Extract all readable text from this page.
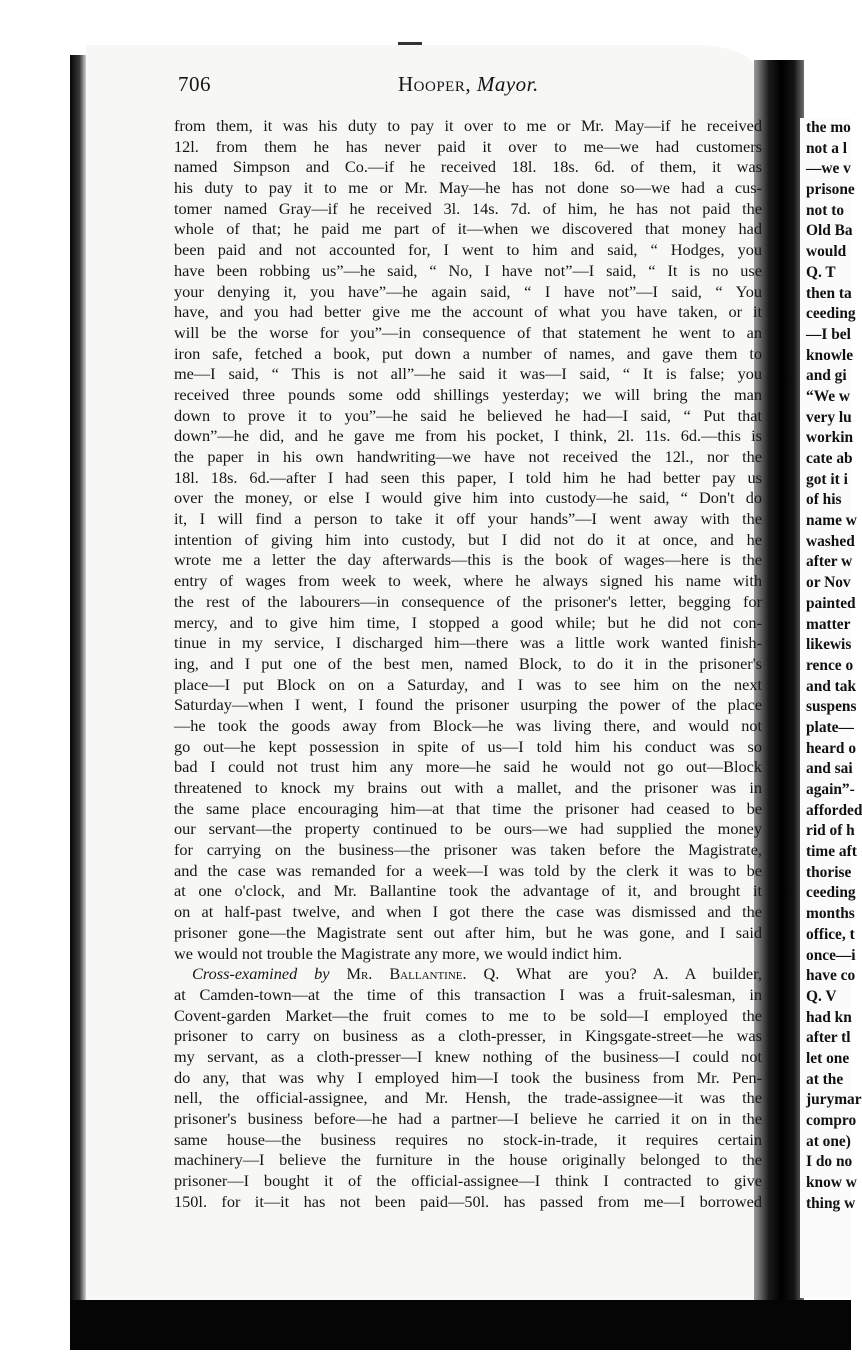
706	Hooper, Mayor.
from them, it was his duty to pay it over to me or Mr. May—if he received
12l. from them he has never paid it over to me—we had customers
named Simpson and Co.—if he received 18l. 18s. 6d. of them, it was
his duty to pay it to me or Mr. May—he has not done so—we had a cus-
tomer named Gray—if he received 3l. 14s. 7d. of him, he has not paid the
whole of that; he paid me part of it—when we discovered that money had
been paid and not accounted for, I went to him and said, “ Hodges, you
have been robbing us”—he said, “ No, I have not”—I said, “ It is no use
your denying it, you have”—he again said, “ I have not”—I said, “ You
have, and you had better give me the account of what you have taken, or it
will be the worse for you”—in consequence of that statement he went to an
iron safe, fetched a book, put down a number of names, and gave them to
me—I said, “ This is not all”—he said it was—I said, “ It is false; you
received three pounds some odd shillings yesterday; we will bring the man
down to prove it to you”—he said he believed he had—I said, “ Put that
down”—he did, and he gave me from his pocket, I think, 2l. 11s. 6d.—this is
the paper in his own handwriting—we have not received the 12l., nor the
18l. 18s. 6d.—after I had seen this paper, I told him he had better pay us
over the money, or else I would give him into custody—he said, “ Don't do
it, I will find a person to take it off your hands”—I went away with the
intention of giving him into custody, but I did not do it at once, and he
wrote me a letter the day afterwards—this is the book of wages—here is the
entry of wages from week to week, where he always signed his name with
the rest of the labourers—in consequence of the prisoner's letter, begging for
mercy, and to give him time, I stopped a good while; but he did not con-
tinue in my service, I discharged him—there was a little work wanted finish-
ing, and I put one of the best men, named Block, to do it in the prisoner's
place—I put Block on on a Saturday, and I was to see him on the next
Saturday—when I went, I found the prisoner usurping the power of the place
—he took the goods away from Block—he was living there, and would not
go out—he kept possession in spite of us—I told him his conduct was so
bad I could not trust him any more—he said he would not go out—Block
threatened to knock my brains out with a mallet, and the prisoner was in
the same place encouraging him—at that time the prisoner had ceased to be
our servant—the property continued to be ours—we had supplied the money
for carrying on the business—the prisoner was taken before the Magistrate,
and the case was remanded for a week—I was told by the clerk it was to be
at one o'clock, and Mr. Ballantine took the advantage of it, and brought it
on at half-past twelve, and when I got there the case was dismissed and the
prisoner gone—the Magistrate sent out after him, but he was gone, and I said
we would not trouble the Magistrate any more, we would indict him.
Cross-examined by Mr. Ballantine. Q. What are you? A. A builder,
at Camden-town—at the time of this transaction I was a fruit-salesman, in
Covent-garden Market—the fruit comes to me to be sold—I employed the
prisoner to carry on business as a cloth-presser, in Kingsgate-street—he was
my servant, as a cloth-presser—I knew nothing of the business—I could not
do any, that was why I employed him—I took the business from Mr. Pen-
nell, the official-assignee, and Mr. Hensh, the trade-assignee—it was the
prisoner's business before—he had a partner—I believe he carried it on in the
same house—the business requires no stock-in-trade, it requires certain
machinery—I believe the furniture in the house originally belonged to the
prisoner—I bought it of the official-assignee—I think I contracted to give
150l. for it—it has not been paid—50l. has passed from me—I borrowed
the mo
not a l
—we v
prisone
not to
Old Ba
would
Q. T
then ta
ceeding
—I bel
knowle
and gi
“We w
very lu
workin
cate ab
got it i
of his
name w
washed
after w
or Nov
painted
matter
likewis
rence o
and tak
suspens
plate—
heard o
and sai
again”-
afforded
rid of h
time aft
thorise
ceeding
months
office, t
once—i
have co
Q. V
had kn
after tl
let one
at the
jurymar
compro
at one)
I do no
know w
thing w
